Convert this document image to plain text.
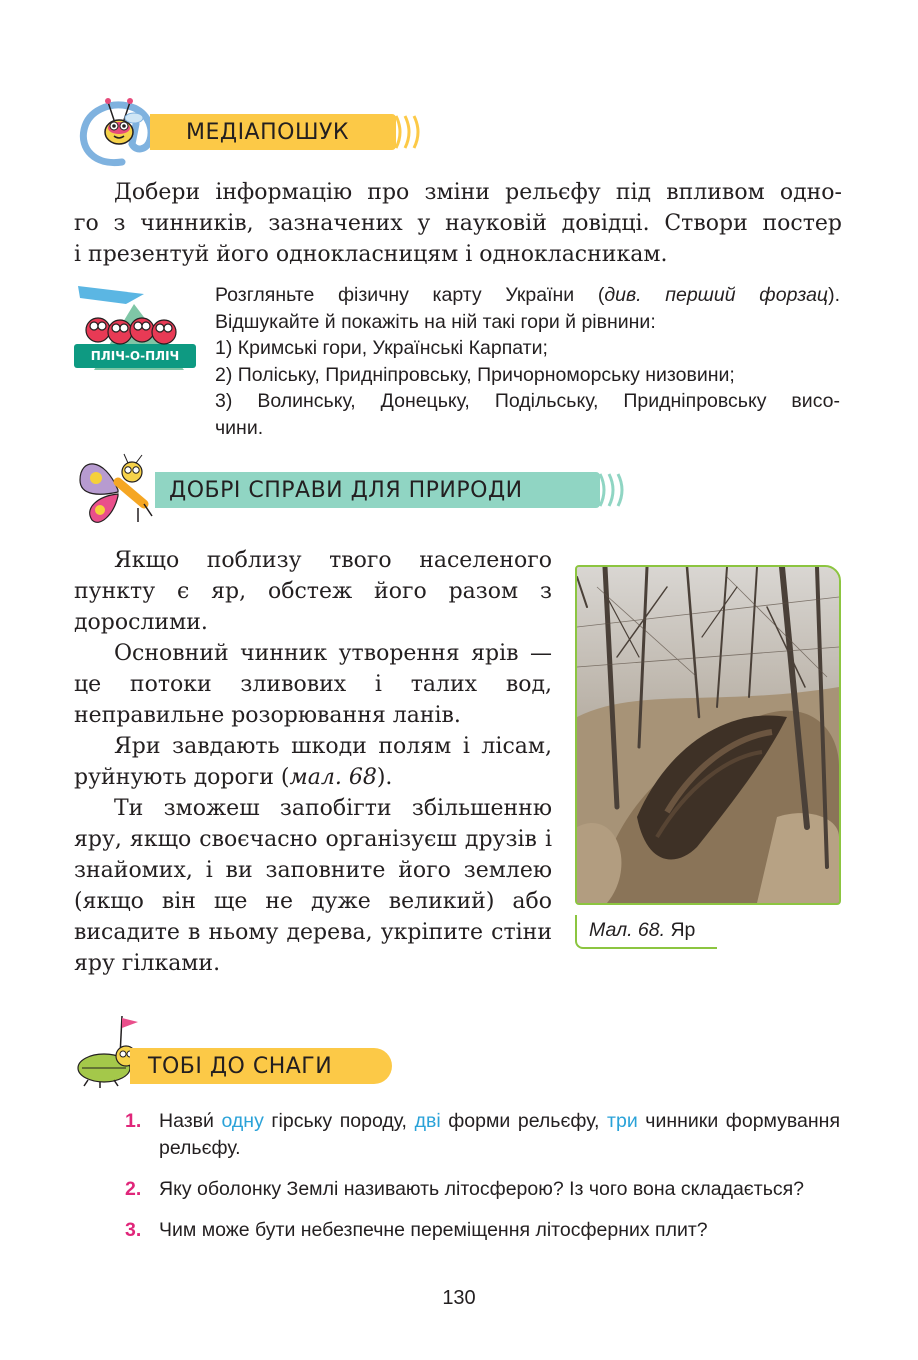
МЕДІАПОШУК
Добери інформацію про зміни рельєфу під впливом одно-
го з чинників, зазначених у науковій довідці. Створи постер
і презентуй його однокласницям і однокласникам.
ПЛІЧ-О-ПЛІЧ
Розгляньте фізичну карту України (див. перший форзац).
Відшукайте й покажіть на ній такі гори й рівнини:
1) Кримські гори, Українські Карпати;
2) Поліську, Придніпровську, Причорноморську низовини;
3) Волинську, Донецьку, Подільську, Придніпровську висо-
чини.
ДОБРІ СПРАВИ ДЛЯ ПРИРОДИ

Якщо поблизу твого населеного пункту є яр, обстеж його разом з дорослими.

Основний чинник утворення ярів — це потоки зливових і талих вод, неправильне розорювання ланів.

Яри завдають шкоди полям і лісам, руйнують дороги (мал. 68).

Ти зможеш запобігти збільшенню яру, якщо своєчасно організуєш друзів і знайомих, і ви заповните його землею (якщо він ще не дуже великий) або висадите в ньому дерева, укріпите стіни яру гілками.

Мал. 68. Яр
ТОБІ ДО СНАГИ
1. Назви́ одну гірську породу, дві форми рельєфу, три чинники формування рельєфу.
2. Яку оболонку Землі називають літосферою? Із чого вона складається?
3. Чим може бути небезпечне переміщення літосферних плит?
130
